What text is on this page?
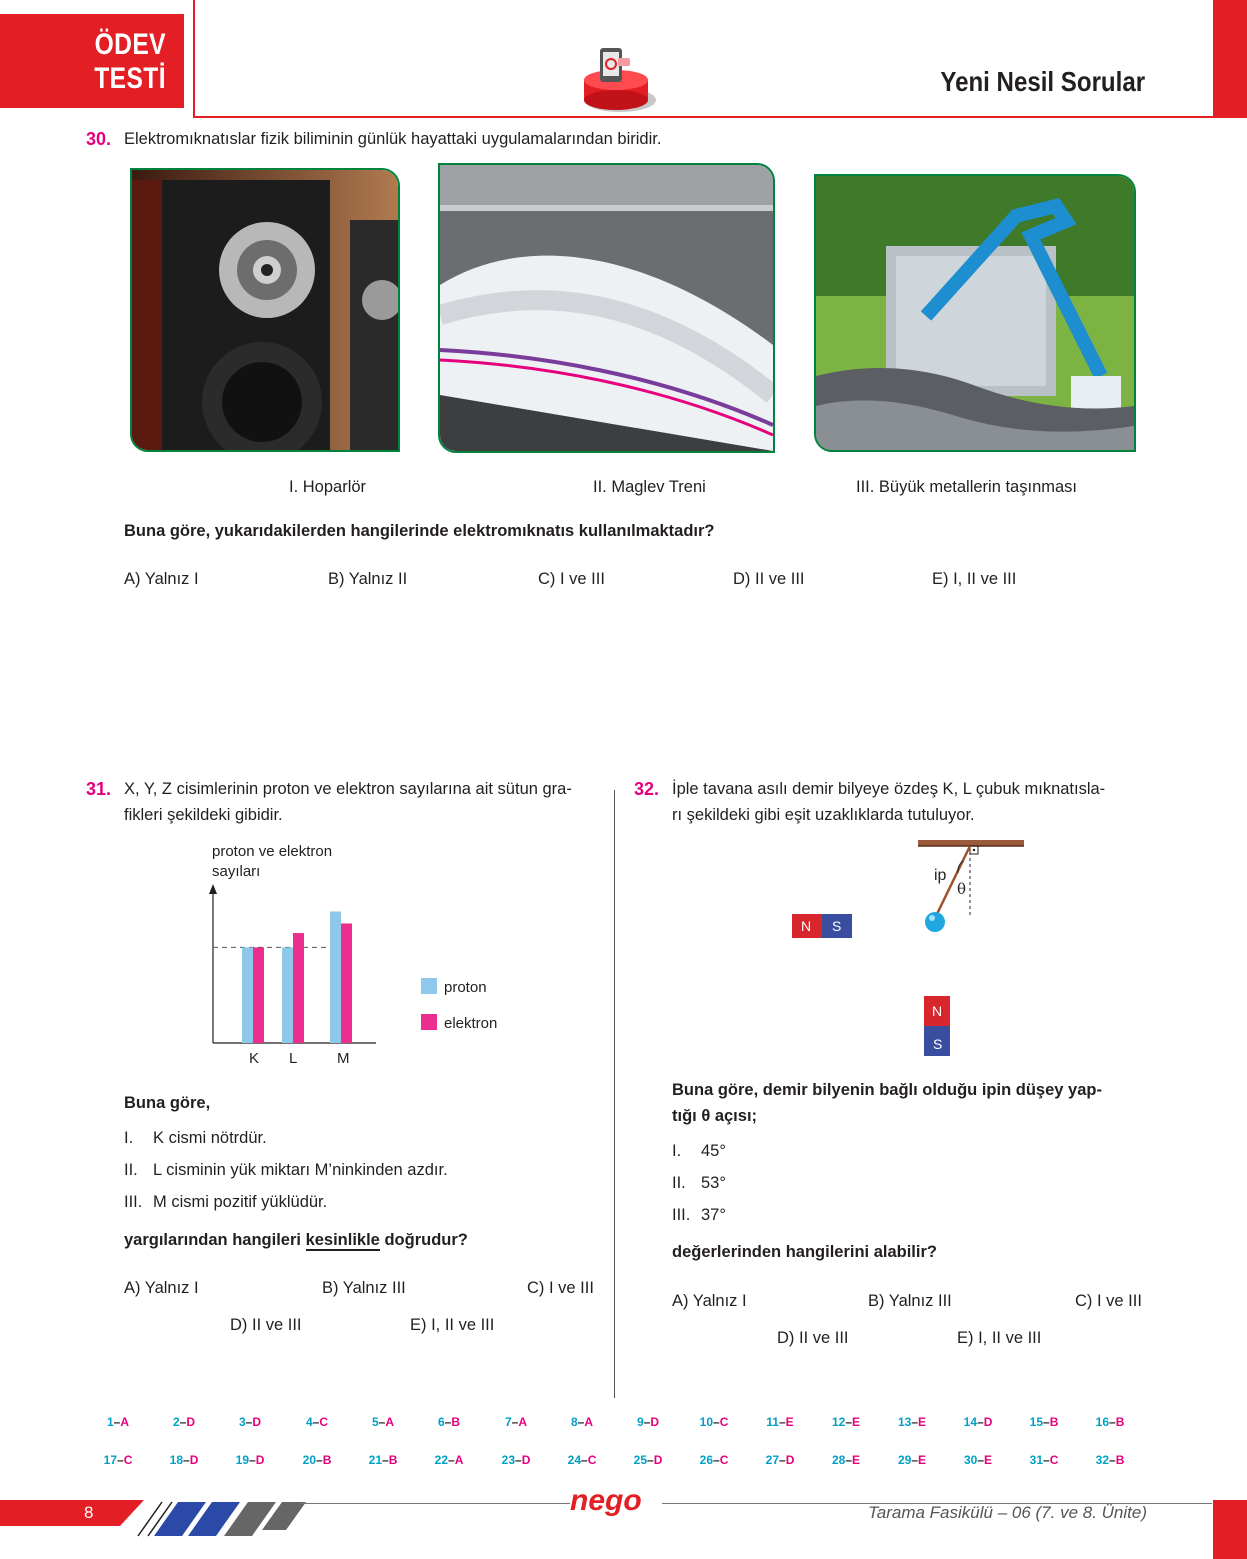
ÖDEV
TESTİ	Yeni Nesil Sorular
30. Elektromıknatıslar fizik biliminin günlük hayattaki uygulamalarından biridir.
I. Hoparlör	II. Maglev Treni	III. Büyük metallerin taşınması
Buna göre, yukarıdakilerden hangilerinde elektromıknatıs kullanılmaktadır?
A) Yalnız I	B) Yalnız II	C) I ve III	D) II ve III	E) I, II ve III
31. X, Y, Z cisimlerinin proton ve elektron sayılarına ait sütun gra-
fikleri şekildeki gibidir.
proton ve elektron
sayıları
K L	M
proton
elektron
Buna göre,
I. K cismi nötrdür.
II. L cisminin yük miktarı M’ninkinden azdır.
III. M cismi pozitif yüklüdür.
yargılarından hangileri kesinlikle doğrudur?
A) Yalnız I	B) Yalnız III	C) I ve III
D) II ve III	E) I, II ve III
32. İple tavana asılı demir bilyeye özdeş K, L çubuk mıknatısla-
rı şekildeki gibi eşit uzaklıklarda tutuluyor.
ip
θ
N S
N
S
Buna göre, demir bilyenin bağlı olduğu ipin düşey yap-
tığı θ açısı;
I. 45°
II. 53°
III. 37°
değerlerinden hangilerini alabilir?
A) Yalnız I	B) Yalnız III	C) I ve III
D) II ve III	E) I, II ve III
1–A	2–D	3–D	4–C	5–A	6–B	7–A	8–A	9–D	10–C	11–E	12–E	13–E	14–D	15–B	16–B
17–C	18–D	19–D	20–B	21–B	22–A	23–D	24–C	25–D	26–C	27–D	28–E	29–E	30–E	31–C	32–B
8	nego	Tarama Fasikülü – 06 (7. ve 8. Ünite)
